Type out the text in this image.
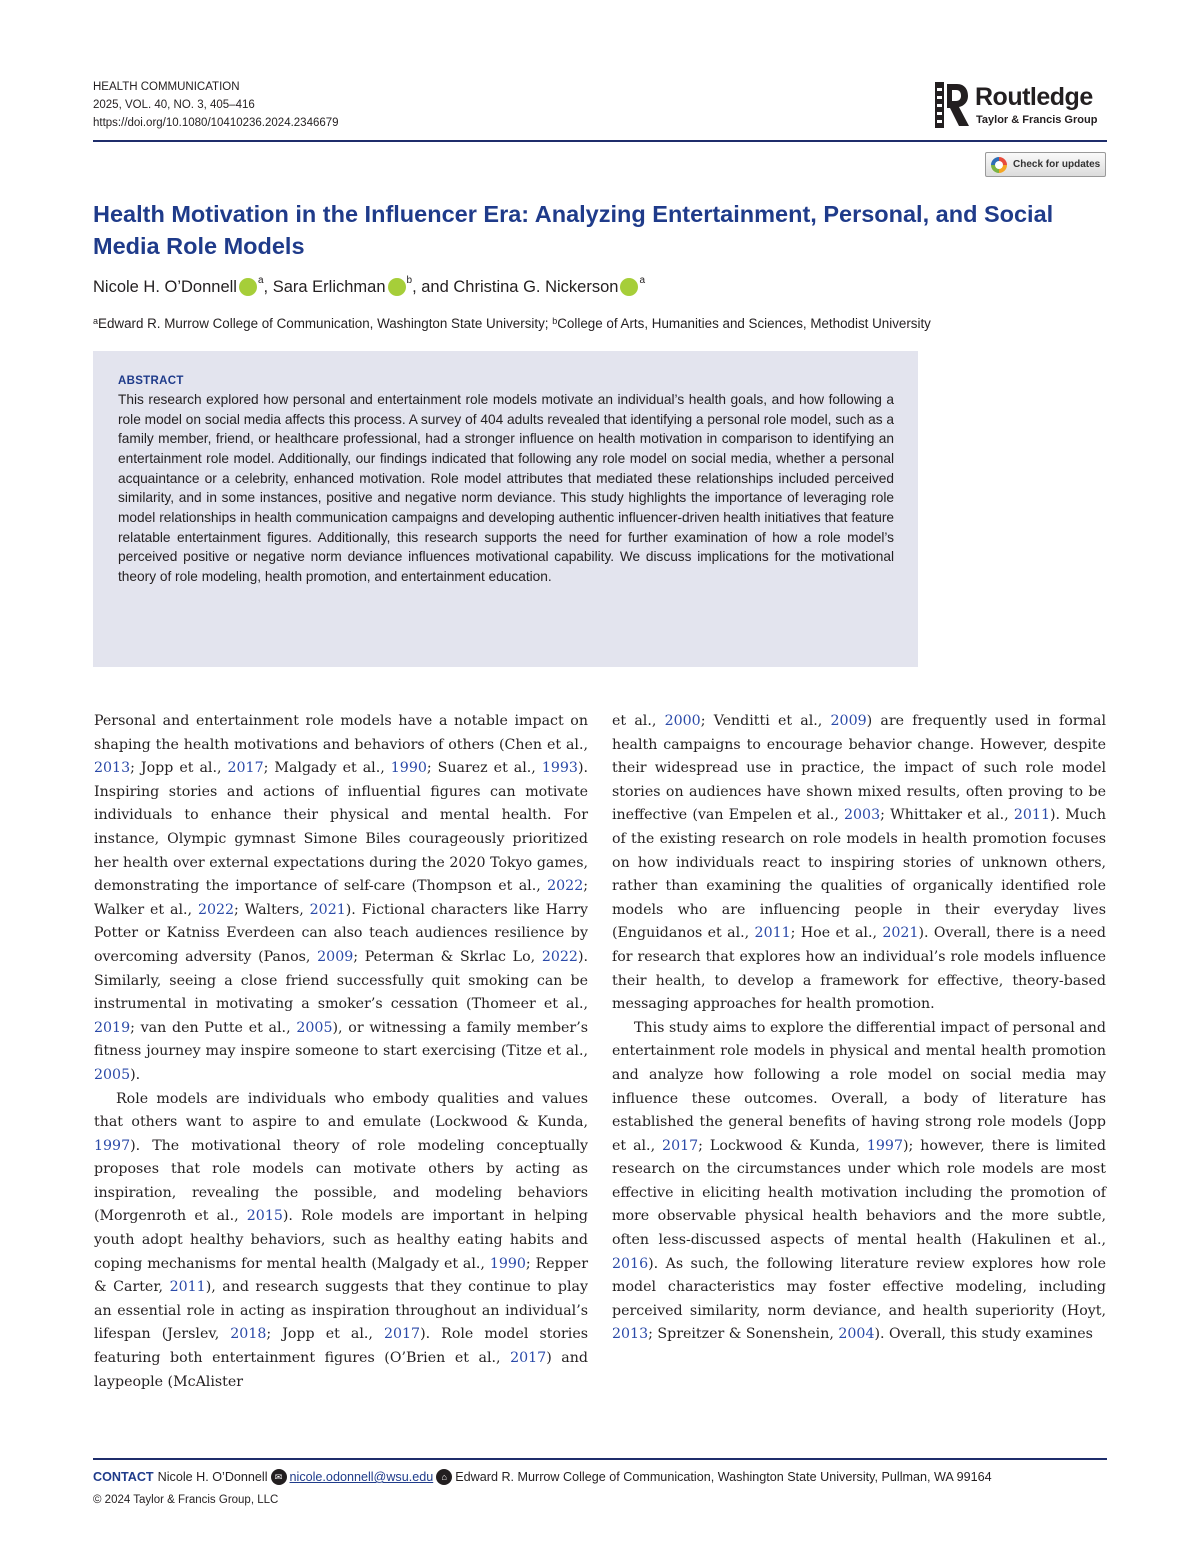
HEALTH COMMUNICATION
2025, VOL. 40, NO. 3, 405–416
https://doi.org/10.1080/10410236.2024.2346679
Routledge
Taylor & Francis Group
Check for updates
Health Motivation in the Influencer Era: Analyzing Entertainment, Personal, and Social Media Role Models
Nicole H. O’Donnell a , Sara Erlichman b , and Christina G. Nickerson a
$^a$Edward R. Murrow College of Communication, Washington State University; $^b$College of Arts, Humanities and Sciences, Methodist University
ABSTRACT

This research explored how personal and entertainment role models motivate an individual’s health goals, and how following a role model on social media affects this process. A survey of 404 adults revealed that identifying a personal role model, such as a family member, friend, or healthcare professional, had a stronger influence on health motivation in comparison to identifying an entertainment role model. Additionally, our findings indicated that following any role model on social media, whether a personal acquaintance or a celebrity, enhanced motivation. Role model attributes that mediated these relationships included perceived similarity, and in some instances, positive and negative norm deviance. This study highlights the importance of leveraging role model relationships in health communication campaigns and developing authentic influencer-driven health initiatives that feature relatable entertainment figures. Additionally, this research supports the need for further examination of how a role model’s perceived positive or negative norm deviance influences motivational capability. We discuss implications for the motivational theory of role modeling, health promotion, and entertainment education.

Personal and entertainment role models have a notable impact on shaping the health motivations and behaviors of others (Chen et al., 2013; Jopp et al., 2017; Malgady et al., 1990; Suarez et al., 1993). Inspiring stories and actions of influential figures can motivate individuals to enhance their physical and mental health. For instance, Olympic gymnast Simone Biles courageously prioritized her health over external expectations during the 2020 Tokyo games, demonstrating the importance of self-care (Thompson et al., 2022; Walker et al., 2022; Walters, 2021). Fictional characters like Harry Potter or Katniss Everdeen can also teach audiences resilience by overcoming adversity (Panos, 2009; Peterman & Skrlac Lo, 2022). Similarly, seeing a close friend successfully quit smoking can be instrumental in motivating a smoker’s cessation (Thomeer et al., 2019; van den Putte et al., 2005), or witnessing a family member’s fitness journey may inspire someone to start exercising (Titze et al., 2005).

Role models are individuals who embody qualities and values that others want to aspire to and emulate (Lockwood & Kunda, 1997). The motivational theory of role modeling conceptually proposes that role models can motivate others by acting as inspiration, revealing the possible, and modeling behaviors (Morgenroth et al., 2015). Role models are important in helping youth adopt healthy behaviors, such as healthy eating habits and coping mechanisms for mental health (Malgady et al., 1990; Repper & Carter, 2011), and research suggests that they continue to play an essential role in acting as inspiration throughout an individual’s lifespan (Jerslev, 2018; Jopp et al., 2017). Role model stories featuring both entertainment figures (O’Brien et al., 2017) and laypeople (McAlister

et al., 2000; Venditti et al., 2009) are frequently used in formal health campaigns to encourage behavior change. However, despite their widespread use in practice, the impact of such role model stories on audiences have shown mixed results, often proving to be ineffective (van Empelen et al., 2003; Whittaker et al., 2011). Much of the existing research on role models in health promotion focuses on how individuals react to inspiring stories of unknown others, rather than examining the qualities of organically identified role models who are influencing people in their everyday lives (Enguidanos et al., 2011; Hoe et al., 2021). Overall, there is a need for research that explores how an individual’s role models influence their health, to develop a framework for effective, theory-based messaging approaches for health promotion.

This study aims to explore the differential impact of personal and entertainment role models in physical and mental health promotion and analyze how following a role model on social media may influence these outcomes. Overall, a body of literature has established the general benefits of having strong role models (Jopp et al., 2017; Lockwood & Kunda, 1997); however, there is limited research on the circumstances under which role models are most effective in eliciting health motivation including the promotion of more observable physical health behaviors and the more subtle, often less-discussed aspects of mental health (Hakulinen et al., 2016). As such, the following literature review explores how role model characteristics may foster effective modeling, including perceived similarity, norm deviance, and health superiority (Hoyt, 2013; Spreitzer & Sonenshein, 2004). Overall, this study examines

CONTACT Nicole H. O’Donnell ✉ nicole.odonnell@wsu.edu ⌂ Edward R. Murrow College of Communication, Washington State University, Pullman, WA 99164
© 2024 Taylor & Francis Group, LLC
